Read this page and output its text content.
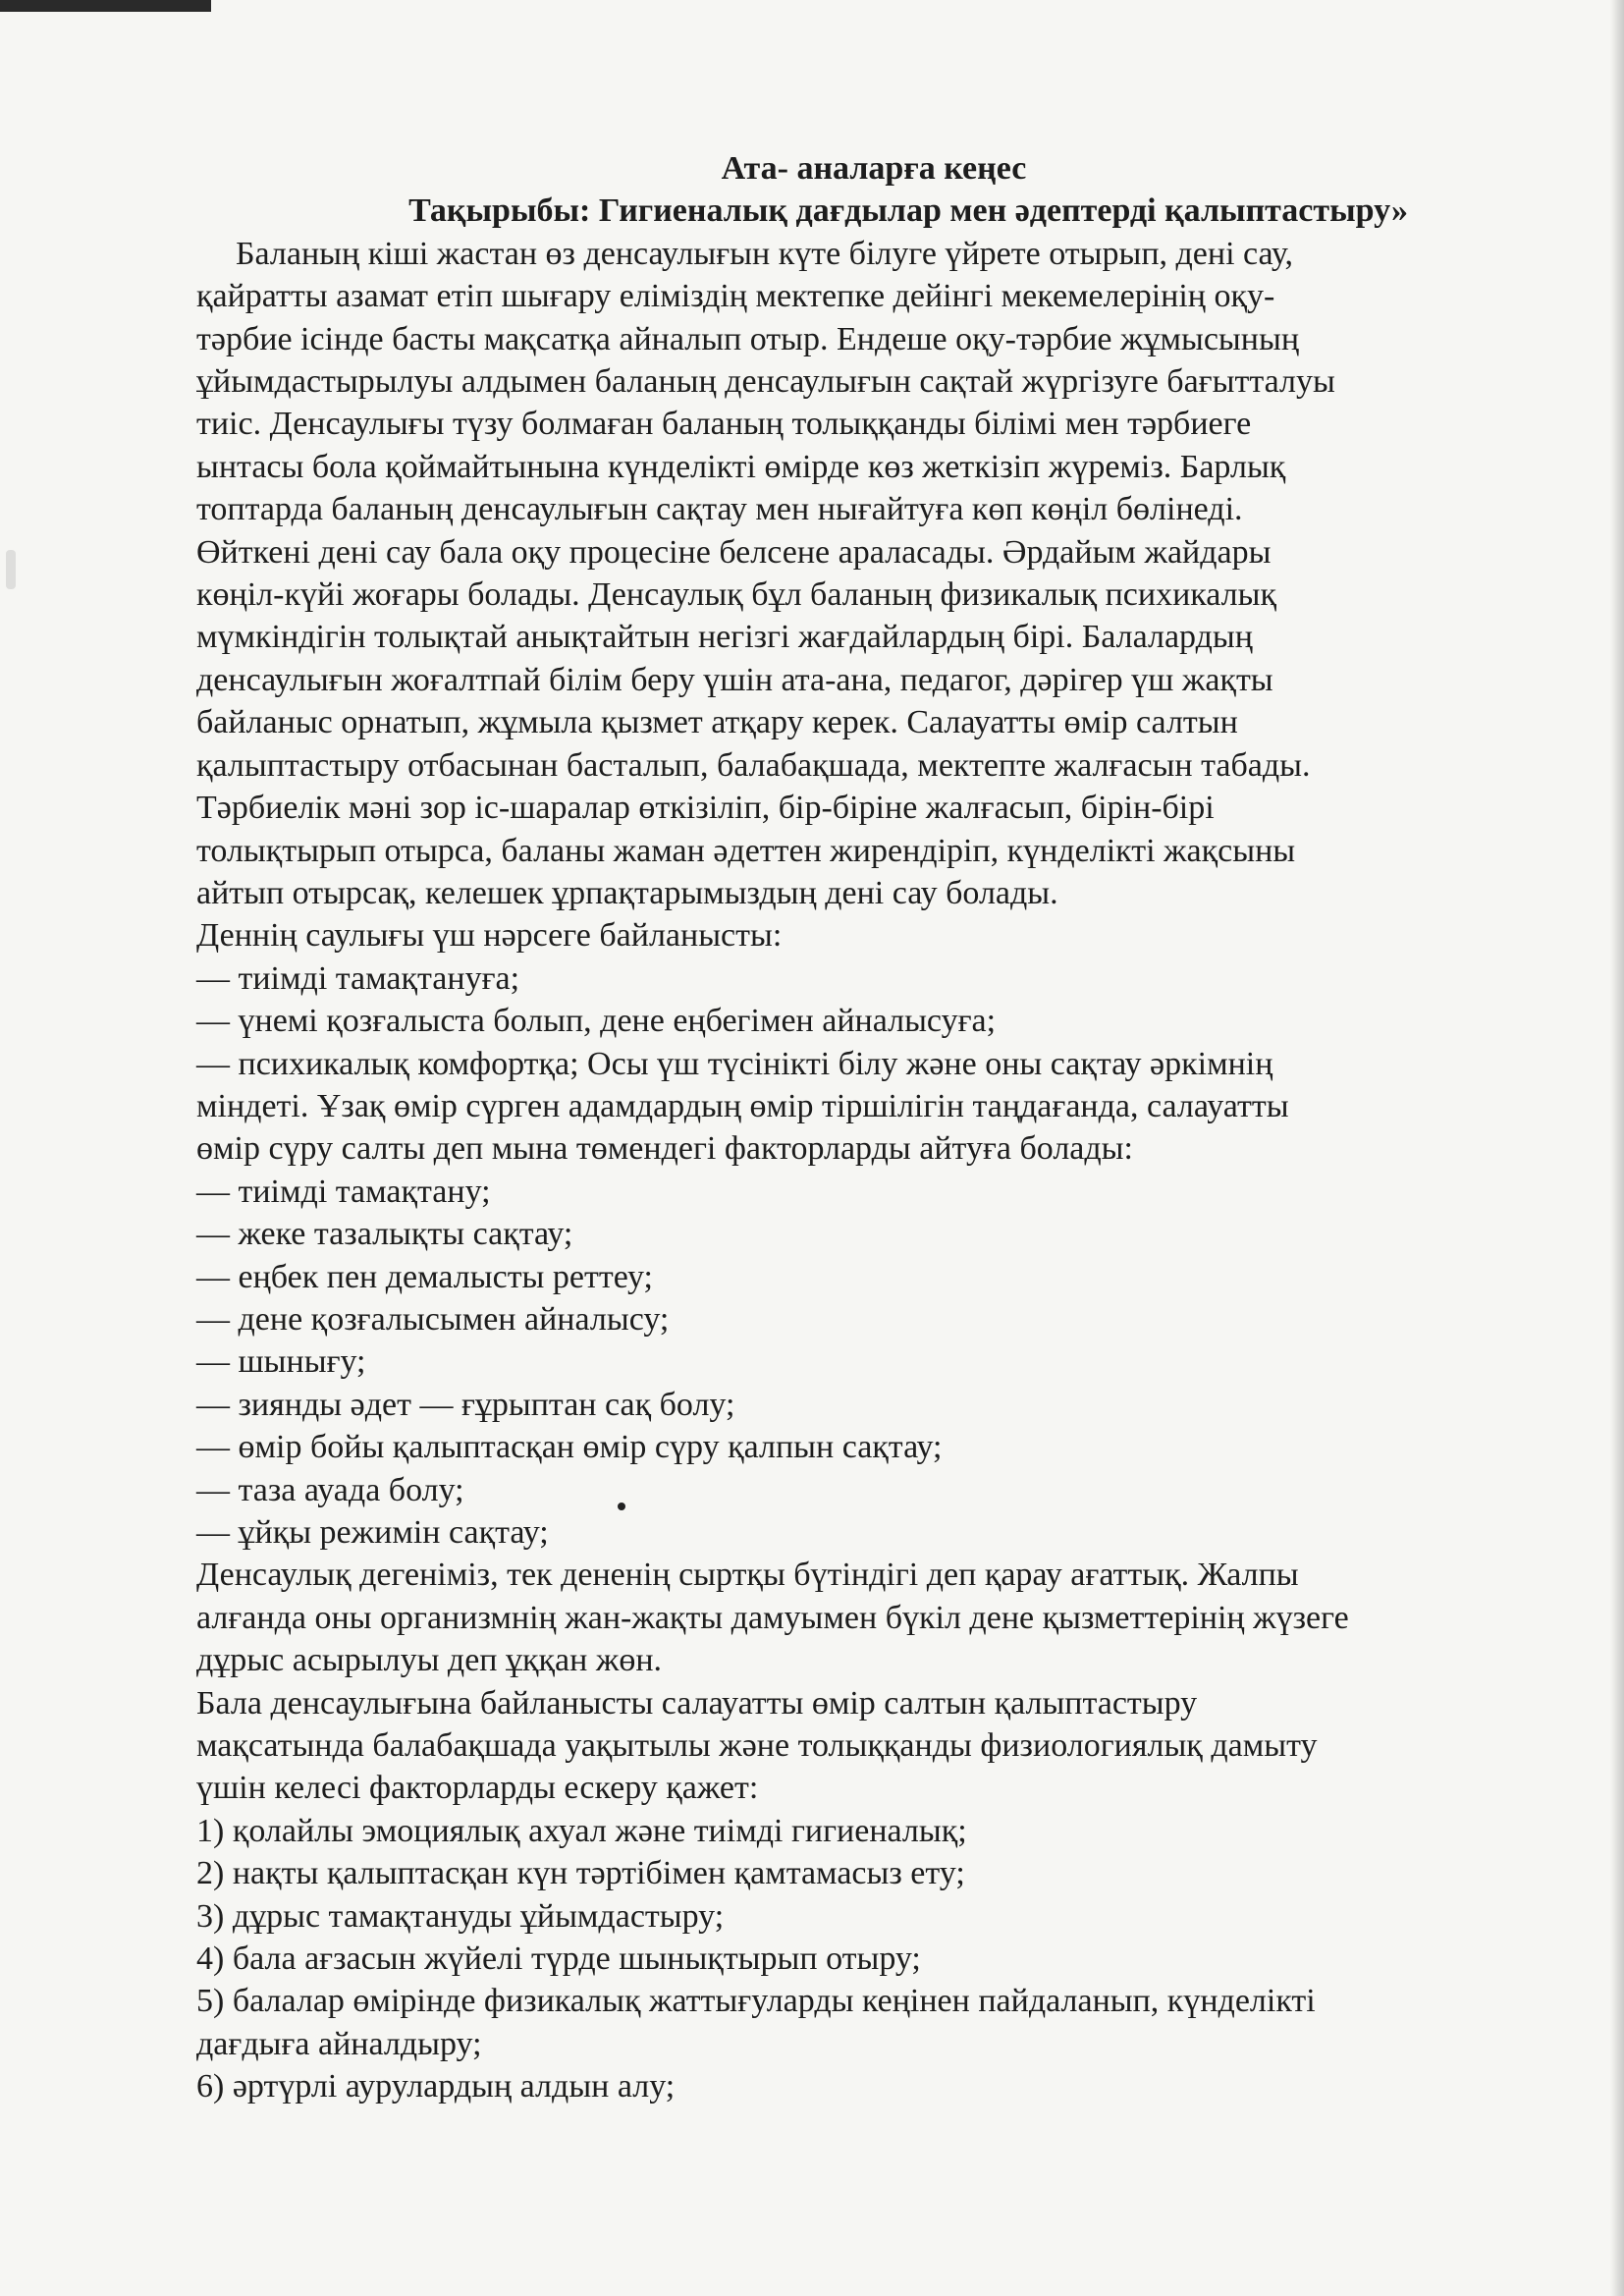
Ата- аналарға кеңес

Тақырыбы: Гигиеналық дағдылар мен әдептерді қалыптастыру»

Баланың кіші жастан өз денсаулығын күте білуге үйрете отырып, дені сау,

қайратты азамат етіп шығару еліміздің мектепке дейінгі мекемелерінің оқу-

тәрбие ісінде басты мақсатқа айналып отыр. Ендеше оқу-тәрбие жұмысының

ұйымдастырылуы алдымен баланың денсаулығын сақтай жүргізуге бағытталуы

тиіс. Денсаулығы түзу болмаған баланың толыққанды білімі мен тәрбиеге

ынтасы бола қоймайтынына күнделікті өмірде көз жеткізіп жүреміз. Барлық

топтарда баланың денсаулығын сақтау мен нығайтуға көп көңіл бөлінеді.

Өйткені дені сау бала оқу процесіне белсене араласады. Әрдайым жайдары

көңіл-күйі жоғары болады. Денсаулық бұл баланың физикалық психикалық

мүмкіндігін толықтай анықтайтын негізгі жағдайлардың бірі. Балалардың

денсаулығын жоғалтпай білім беру үшін ата-ана, педагог, дәрігер үш жақты

байланыс орнатып, жұмыла қызмет атқару керек. Салауатты өмір салтын

қалыптастыру отбасынан басталып, балабақшада, мектепте жалғасын табады.

Тәрбиелік мәні зор іс-шаралар өткізіліп, бір-біріне жалғасып, бірін-бірі

толықтырып отырса, баланы жаман әдеттен жирендіріп, күнделікті жақсыны

айтып отырсақ, келешек ұрпақтарымыздың дені сау болады.

Деннің саулығы үш нәрсеге байланысты:

— тиімді тамақтануға;

— үнемі қозғалыста болып, дене еңбегімен айналысуға;

— психикалық комфортқа; Осы үш түсінікті білу және оны сақтау әркімнің

міндеті. Ұзақ өмір сүрген адамдардың өмір тіршілігін таңдағанда, салауатты

өмір сүру салты деп мына төмендегі факторларды айтуға болады:

— тиімді тамақтану;

— жеке тазалықты сақтау;

— еңбек пен демалысты реттеу;

— дене қозғалысымен айналысу;

— шынығу;

— зиянды әдет — ғұрыптан сақ болу;

— өмір бойы қалыптасқан өмір сүру қалпын сақтау;

— таза ауада болу;

— ұйқы режимін сақтау;

Денсаулық дегеніміз, тек дененің сыртқы бүтіндігі деп қарау ағаттық. Жалпы

алғанда оны организмнің жан-жақты дамуымен бүкіл дене қызметтерінің жүзеге

дұрыс асырылуы деп ұққан жөн.

Бала денсаулығына байланысты салауатты өмір салтын қалыптастыру

мақсатында балабақшада уақытылы және толыққанды физиологиялық дамыту

үшін келесі факторларды ескеру қажет:

1) қолайлы эмоциялық ахуал және тиімді гигиеналық;

2) нақты қалыптасқан күн тәртібімен қамтамасыз ету;

3) дұрыс тамақтануды ұйымдастыру;

4) бала ағзасын жүйелі түрде шынықтырып отыру;

5) балалар өмірінде физикалық жаттығуларды кеңінен пайдаланып, күнделікті

дағдыға айналдыру;

6) әртүрлі аурулардың алдын алу;
